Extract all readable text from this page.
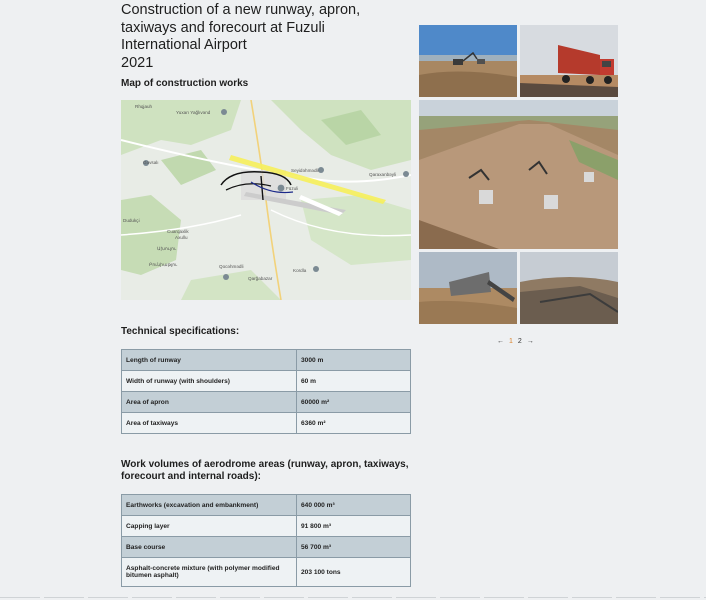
Construction of a new runway, apron,
taxiways and forecourt at Fuzuli
International Airport
2021
Map of construction works
Rhqjauh
Yuxarı Yağlıvənd
Govsalı
Seyidəhmədli
Qaraxanbəyli
Füzuli
Dudukçi
Cuarqaxlik
Axullu
Ախուլու
Բունիաթլու	Qocəhmədli
Kordla
Qarğabazar
Technical specifications:
Length of runway	3000 m
Width of runway (with shoulders)	60 m
Area of apron	60000 m²
Area of taxiways	6360 m²
Work volumes of aerodrome areas (runway, apron, taxiways,
forecourt and internal roads):
Earthworks (excavation and embankment)	640 000 m³
Capping layer	91 800 m³
Base course	56 700 m³
Asphalt-concrete mixture (with polymer modified bitumen asphalt)	203 100 tons
← 1 2 →
